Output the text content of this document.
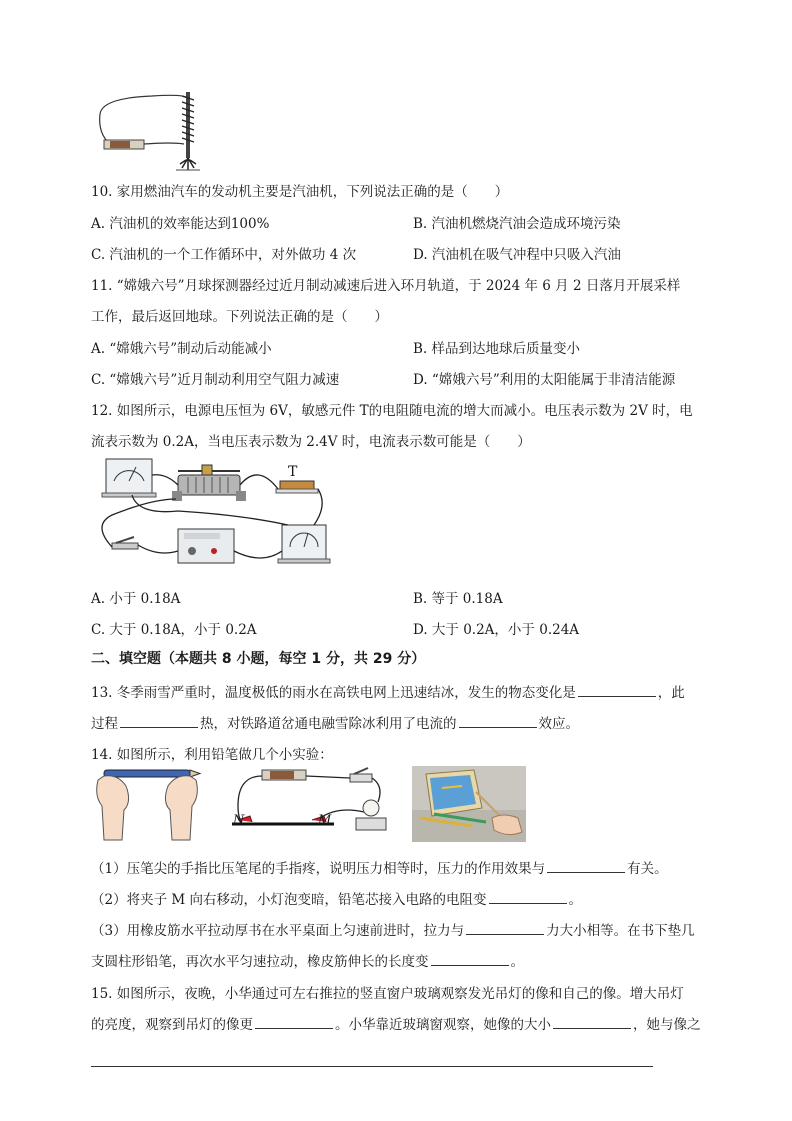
10. 家用燃油汽车的发动机主要是汽油机，下列说法正确的是（　　）
A. 汽油机的效率能达到100%	B. 汽油机燃烧汽油会造成环境污染
C. 汽油机的一个工作循环中，对外做功 4 次	D. 汽油机在吸气冲程中只吸入汽油
11. “嫦娥六号”月球探测器经过近月制动减速后进入环月轨道，于 2024 年 6 月 2 日落月开展采样
工作，最后返回地球。下列说法正确的是（　　）
A. “嫦娥六号”制动后动能减小	B. 样品到达地球后质量变小
C. “嫦娥六号”近月制动利用空气阻力减速	D. “嫦娥六号”利用的太阳能属于非清洁能源
12. 如图所示，电源电压恒为 6V，敏感元件 T的电阻随电流的增大而减小。电压表示数为 2V 时，电
流表示数为 0.2A，当电压表示数为 2.4V 时，电流表示数可能是（　　）
T
A. 小于 0.18A	B. 等于 0.18A
C. 大于 0.18A，小于 0.2A	D. 大于 0.2A，小于 0.24A
二、填空题（本题共 8 小题，每空 1 分，共 29 分）
13. 冬季雨雪严重时，温度极低的雨水在高铁电网上迅速结冰，发生的物态变化是	，此
过程	热，对铁路道岔通电融雪除冰利用了电流的	效应。
14. 如图所示，利用铅笔做几个小实验：
N	M
（1）压笔尖的手指比压笔尾的手指疼，说明压力相等时，压力的作用效果与	有关。
（2）将夹子 M 向右移动，小灯泡变暗，铅笔芯接入电路的电阻变	。
（3）用橡皮筋水平拉动厚书在水平桌面上匀速前进时，拉力与	力大小相等。在书下垫几
支圆柱形铅笔，再次水平匀速拉动，橡皮筋伸长的长度变	。
15. 如图所示，夜晚，小华通过可左右推拉的竖直窗户玻璃观察发光吊灯的像和自己的像。增大吊灯
的亮度，观察到吊灯的像更	。小华靠近玻璃窗观察，她像的大小	，她与像之
